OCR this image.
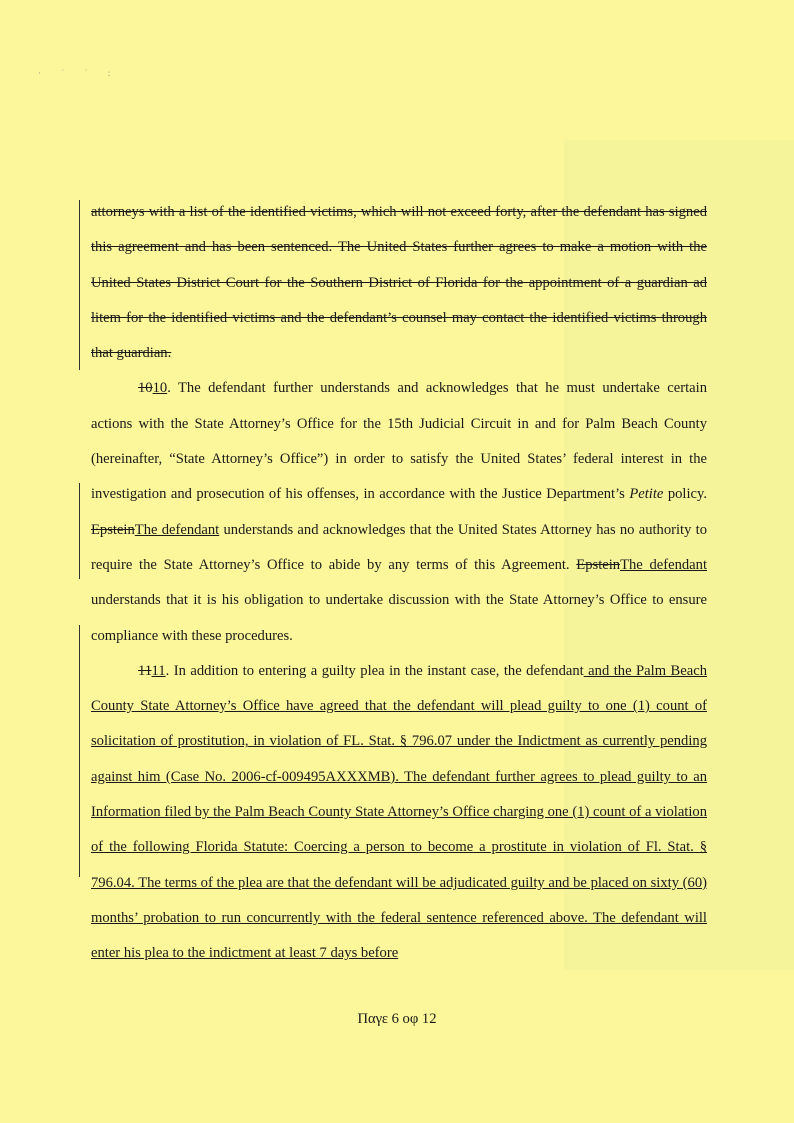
· ˙ ˙ :

attorneys with a list of the identified victims, which will not exceed forty, after the defendant has signed this agreement and has been sentenced. The United States further agrees to make a motion with the United States District Court for the Southern District of Florida for the appointment of a guardian ad litem for the identified victims and the defendant’s counsel may contact the identified victims through that guardian.

1010. The defendant further understands and acknowledges that he must undertake certain actions with the State Attorney’s Office for the 15th Judicial Circuit in and for Palm Beach County (hereinafter, “State Attorney’s Office”) in order to satisfy the United States’ federal interest in the investigation and prosecution of his offenses, in accordance with the Justice Department’s Petite policy. EpsteinThe defendant understands and acknowledges that the United States Attorney has no authority to require the State Attorney’s Office to abide by any terms of this Agreement. EpsteinThe defendant understands that it is his obligation to undertake discussion with the State Attorney’s Office to ensure compliance with these procedures.

1111. In addition to entering a guilty plea in the instant case, the defendant and the Palm Beach County State Attorney’s Office have agreed that the defendant will plead guilty to one (1) count of solicitation of prostitution, in violation of FL. Stat. § 796.07 under the Indictment as currently pending against him (Case No. 2006-cf-009495AXXXMB). The defendant further agrees to plead guilty to an Information filed by the Palm Beach County State Attorney’s Office charging one (1) count of a violation of the following Florida Statute: Coercing a person to become a prostitute in violation of Fl. Stat. § 796.04. The terms of the plea are that the defendant will be adjudicated guilty and be placed on sixty (60) months’ probation to run concurrently with the federal sentence referenced above. The defendant will enter his plea to the indictment at least 7 days before

Παγε 6 οφ 12
